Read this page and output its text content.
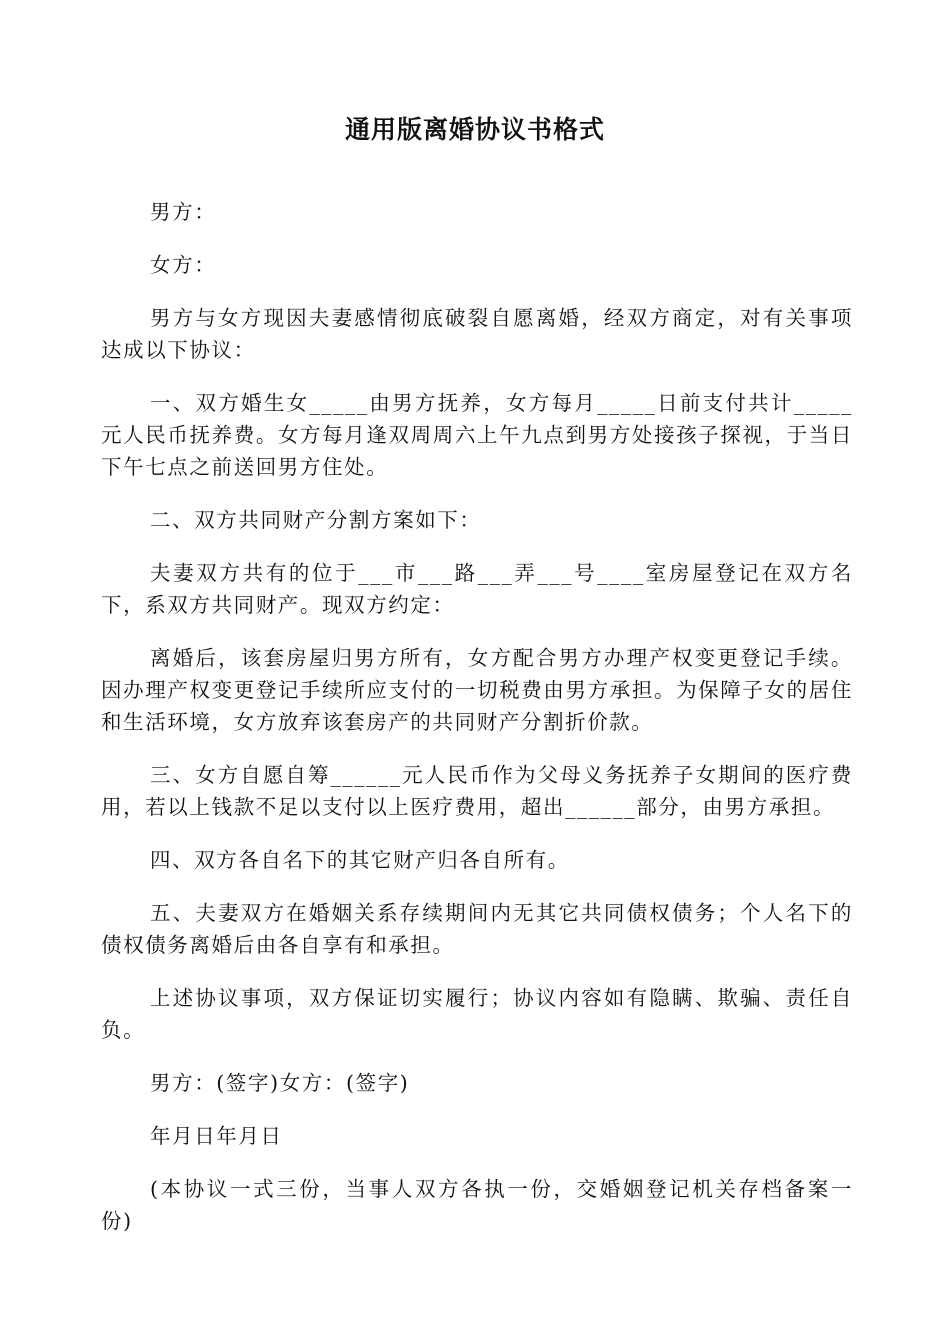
通用版离婚协议书格式

男方：

女方：

男方与女方现因夫妻感情彻底破裂自愿离婚，经双方商定，对有关事项达成以下协议：

一、双方婚生女_____由男方抚养，女方每月_____日前支付共计_____元人民币抚养费。女方每月逢双周周六上午九点到男方处接孩子探视，于当日下午七点之前送回男方住处。

二、双方共同财产分割方案如下：

夫妻双方共有的位于___市___路___弄___号____室房屋登记在双方名下，系双方共同财产。现双方约定：

离婚后，该套房屋归男方所有，女方配合男方办理产权变更登记手续。因办理产权变更登记手续所应支付的一切税费由男方承担。为保障子女的居住和生活环境，女方放弃该套房产的共同财产分割折价款。

三、女方自愿自筹______元人民币作为父母义务抚养子女期间的医疗费用，若以上钱款不足以支付以上医疗费用，超出______部分，由男方承担。

四、双方各自名下的其它财产归各自所有。

五、夫妻双方在婚姻关系存续期间内无其它共同债权债务；个人名下的债权债务离婚后由各自享有和承担。

上述协议事项，双方保证切实履行；协议内容如有隐瞒、欺骗、责任自负。

男方：(签字)女方：(签字)

年月日年月日

(本协议一式三份，当事人双方各执一份，交婚姻登记机关存档备案一份)
